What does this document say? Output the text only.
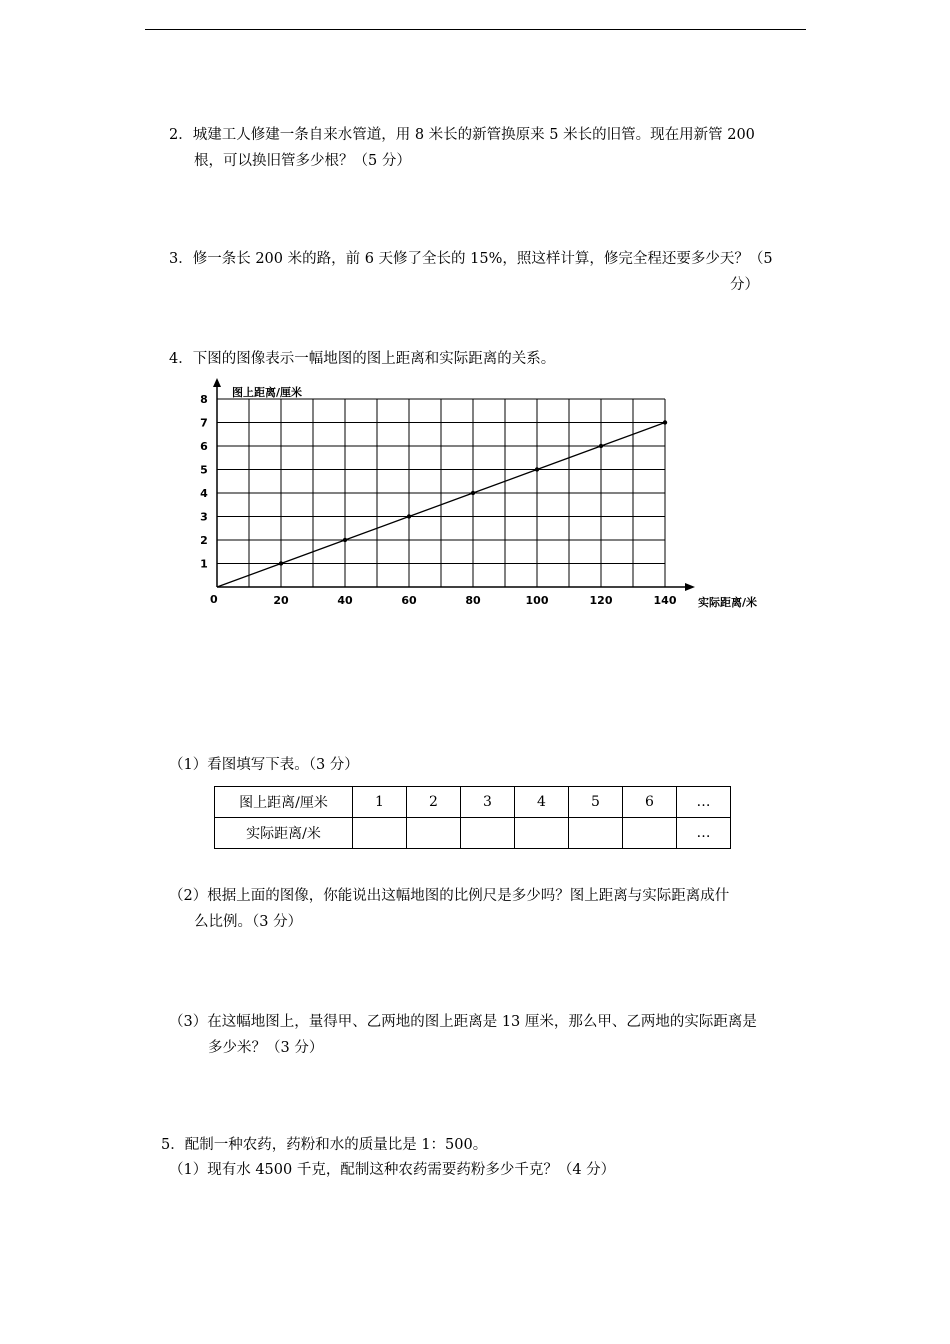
2．城建工人修建一条自来水管道，用 8 米长的新管换原来 5 米长的旧管。现在用新管 200
根，可以换旧管多少根？（5 分）
3．修一条长 200 米的路，前 6 天修了全长的 15%，照这样计算，修完全程还要多少天？（5
分）
4．下图的图像表示一幅地图的图上距离和实际距离的关系。
20	40	60	80	100	120	140
1
2
3
4
5
6
7
8
图上距离/厘米
实际距离/米
0
（1）看图填写下表。（3 分）
图上距离/厘米	1	2	3	4	5	6	…
实际距离/米							…
（2）根据上面的图像，你能说出这幅地图的比例尺是多少吗？图上距离与实际距离成什
么比例。（3 分）
（3）在这幅地图上，量得甲、乙两地的图上距离是 13 厘米，那么甲、乙两地的实际距离是
多少米？（3 分）
5．配制一种农药，药粉和水的质量比是 1：500。
（1）现有水 4500 千克，配制这种农药需要药粉多少千克？（4 分）
